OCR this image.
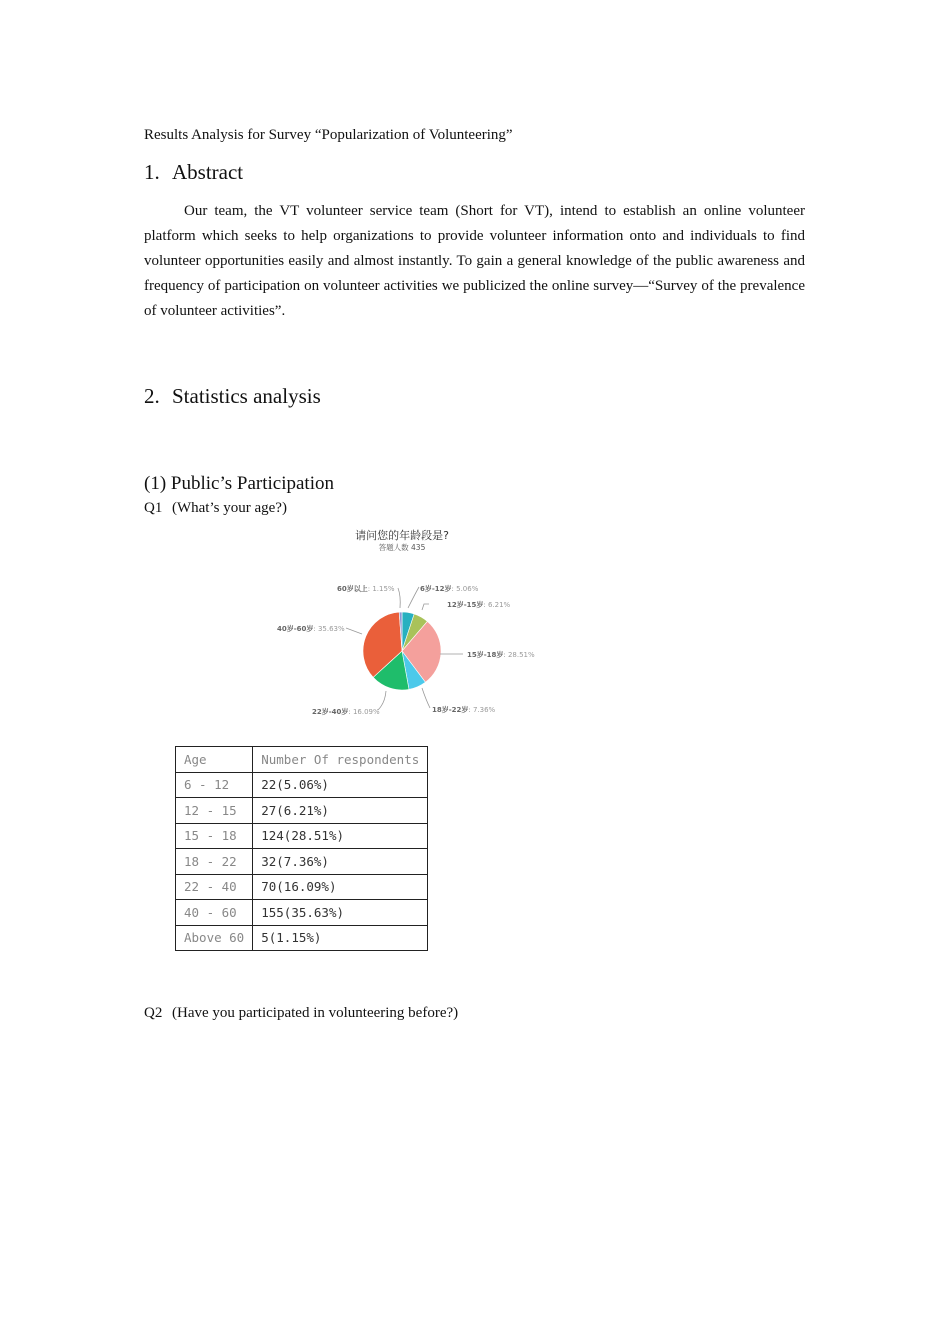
Results Analysis for Survey “Popularization of Volunteering”
1. Abstract
Our team, the VT volunteer service team (Short for VT), intend to establish an online volunteer platform which seeks to help organizations to provide volunteer information onto and individuals to find volunteer opportunities easily and almost instantly. To gain a general knowledge of the public awareness and frequency of participation on volunteer activities we publicized the online survey—“Survey of the prevalence of volunteer activities”.
2. Statistics analysis
(1) Public’s Participation
Q1 (What’s your age?)
请问您的年龄段是?
答题人数 435
60岁以上: 1.15%	6岁-12岁: 5.06%
12岁-15岁: 6.21%
40岁-60岁: 35.63%
15岁-18岁: 28.51%
22岁-40岁: 16.09%	18岁-22岁: 7.36%
Age	Number Of respondents
6 - 12	22(5.06%)
12 - 15	27(6.21%)
15 - 18	124(28.51%)
18 - 22	32(7.36%)
22 - 40	70(16.09%)
40 - 60	155(35.63%)
Above 60	5(1.15%)
Q2 (Have you participated in volunteering before?)
